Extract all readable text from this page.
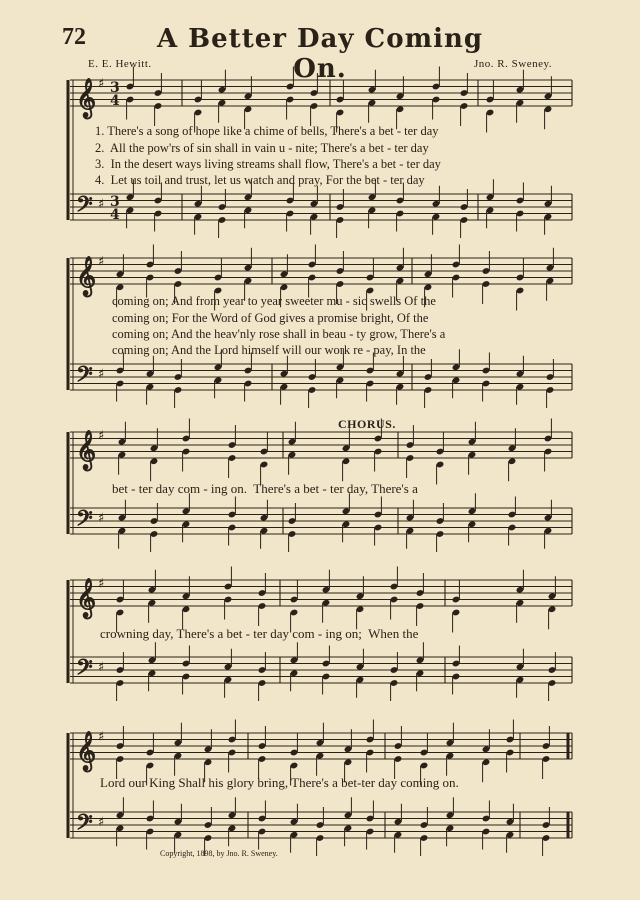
72	A Better Day Coming On.
E. E. Hewitt.	Jno. R. Sweney.
𝄞 ♯ 3
4
𝄢 ♯ 3
4
𝄞 ♯
𝄢 ♯
𝄞 ♯
𝄢 ♯
𝄞 ♯
𝄢 ♯
𝄞 ♯
𝄢 ♯
1. There's a song of hope like a chime of bells, There's a bet - ter day
2.  All the pow'rs of sin shall in vain u - nite; There's a bet - ter day
3.  In the desert ways living streams shall flow, There's a bet - ter day
4.  Let us toil and trust, let us watch and pray, For the bet - ter day
coming on; And from year to year sweeter mu - sic swells Of the
coming on; For the Word of God gives a promise bright, Of the
coming on; And the heav'nly rose shall in beau - ty grow, There's a
coming on; And the Lord himself will our work re - pay, In the
CHORUS.
bet - ter day com - ing on.  There's a bet - ter day, There's a
crowning day, There's a bet - ter day com - ing on;  When the
Lord our King Shall his glory bring, There's a bet-ter day coming on.
Copyright, 1898, by Jno. R. Sweney.
